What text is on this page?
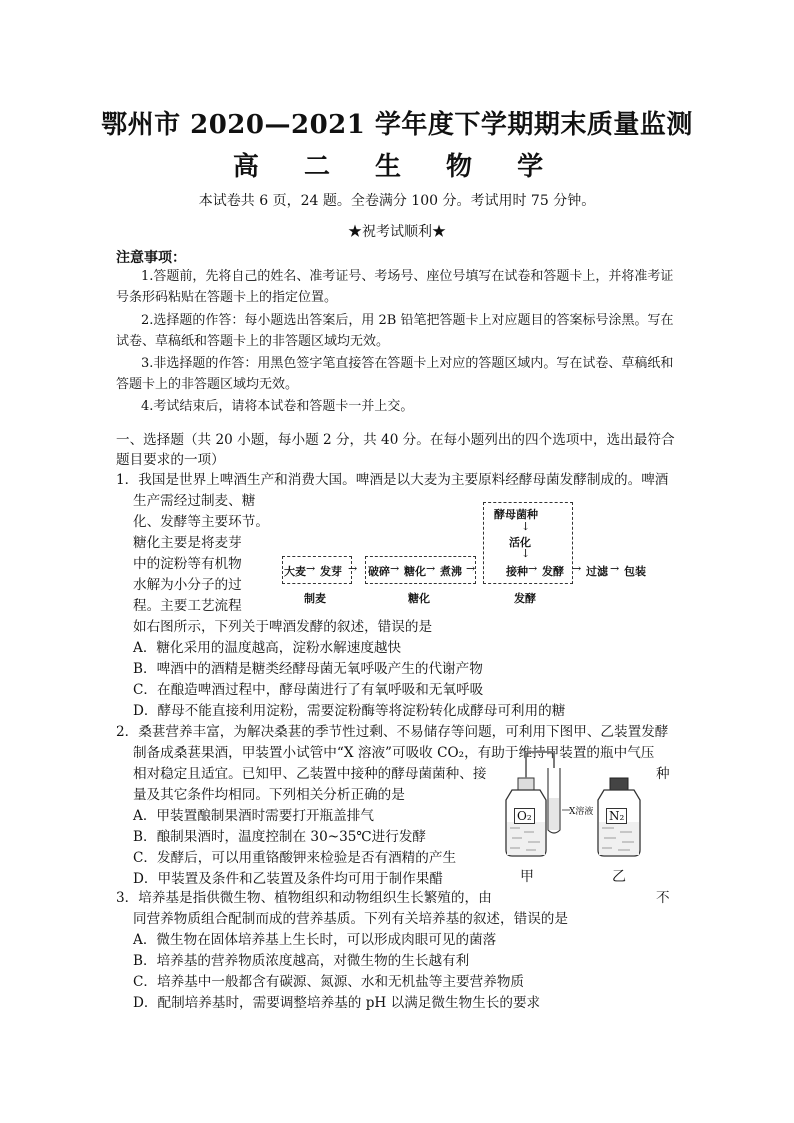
鄂州市 2020—2021 学年度下学期期末质量监测
高 二 生 物 学
本试卷共 6 页，24 题。全卷满分 100 分。考试用时 75 分钟。
★祝考试顺利★
注意事项：
1.答题前，先将自己的姓名、准考证号、考场号、座位号填写在试卷和答题卡上，并将准考证号条形码粘贴在答题卡上的指定位置。
2.选择题的作答：每小题选出答案后，用 2B 铅笔把答题卡上对应题目的答案标号涂黑。写在试卷、草稿纸和答题卡上的非答题区域均无效。
3.非选择题的作答：用黑色签字笔直接答在答题卡上对应的答题区域内。写在试卷、草稿纸和答题卡上的非答题区域均无效。
4.考试结束后，请将本试卷和答题卡一并上交。
一、选择题（共 20 小题，每小题 2 分，共 40 分。在每小题列出的四个选项中，选出最符合
题目要求的一项）
1．我国是世界上啤酒生产和消费大国。啤酒是以大麦为主要原料经酵母菌发酵制成的。啤酒
生产需经过制麦、糖
化、发酵等主要环节。
糖化主要是将麦芽
中的淀粉等有机物
水解为小分子的过
程。主要工艺流程
如右图所示，下列关于啤酒发酵的叙述，错误的是
A．糖化采用的温度越高，淀粉水解速度越快
B．啤酒中的酒精是糖类经酵母菌无氧呼吸产生的代谢产物
C．在酿造啤酒过程中，酵母菌进行了有氧呼吸和无氧呼吸
D．酵母不能直接利用淀粉，需要淀粉酶等将淀粉转化成酵母可利用的糖
酵母菌种
↓
活化
↓
大麦 → 发芽 → 破碎 → 糖化 → 煮沸 →	接种 → 发酵 → 过滤 → 包装
制麦	糖化	发酵
2．桑葚营养丰富，为解决桑葚的季节性过剩、不易储存等问题，可利用下图甲、乙装置发酵
制备成桑葚果酒，甲装置小试管中“X 溶液”可吸收 CO₂，有助于维持甲装置的瓶中气压
相对稳定且适宜。已知甲、乙装置中接种的酵母菌菌种、接	种
量及其它条件均相同。下列相关分析正确的是
A．甲装置酿制果酒时需要打开瓶盖排气
B．酿制果酒时，温度控制在 30~35℃进行发酵
C．发酵后，可以用重铬酸钾来检验是否有酒精的产生
D．甲装置及条件和乙装置及条件均可用于制作果醋
O₂	N₂
X溶液
甲	乙
3．培养基是指供微生物、植物组织和动物组织生长繁殖的，由	不
同营养物质组合配制而成的营养基质。下列有关培养基的叙述，错误的是
A．微生物在固体培养基上生长时，可以形成肉眼可见的菌落
B．培养基的营养物质浓度越高，对微生物的生长越有利
C．培养基中一般都含有碳源、氮源、水和无机盐等主要营养物质
D．配制培养基时，需要调整培养基的 pH 以满足微生物生长的要求
